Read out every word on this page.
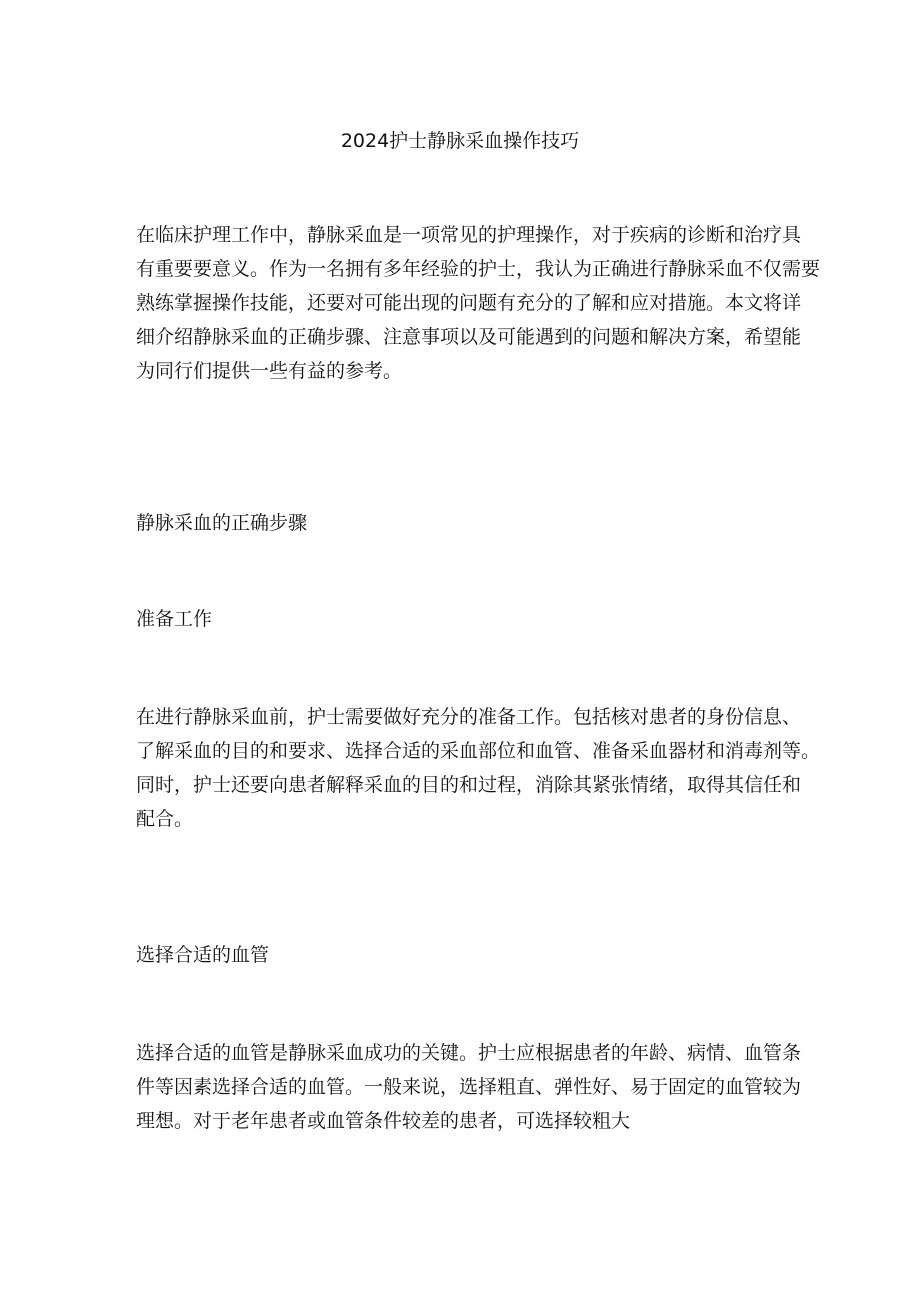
2024护士静脉采血操作技巧

在临床护理工作中，静脉采血是一项常见的护理操作，对于疾病的诊断和治疗具
有重要要意义。作为一名拥有多年经验的护士，我认为正确进行静脉采血不仅需要
熟练掌握操作技能，还要对可能出现的问题有充分的了解和应对措施。本文将详
细介绍静脉采血的正确步骤、注意事项以及可能遇到的问题和解决方案，希望能
为同行们提供一些有益的参考。

静脉采血的正确步骤
准备工作

在进行静脉采血前，护士需要做好充分的准备工作。包括核对患者的身份信息、
了解采血的目的和要求、选择合适的采血部位和血管、准备采血器材和消毒剂等。
同时，护士还要向患者解释采血的目的和过程，消除其紧张情绪，取得其信任和
配合。

选择合适的血管

选择合适的血管是静脉采血成功的关键。护士应根据患者的年龄、病情、血管条
件等因素选择合适的血管。一般来说，选择粗直、弹性好、易于固定的血管较为
理想。对于老年患者或血管条件较差的患者，可选择较粗大
